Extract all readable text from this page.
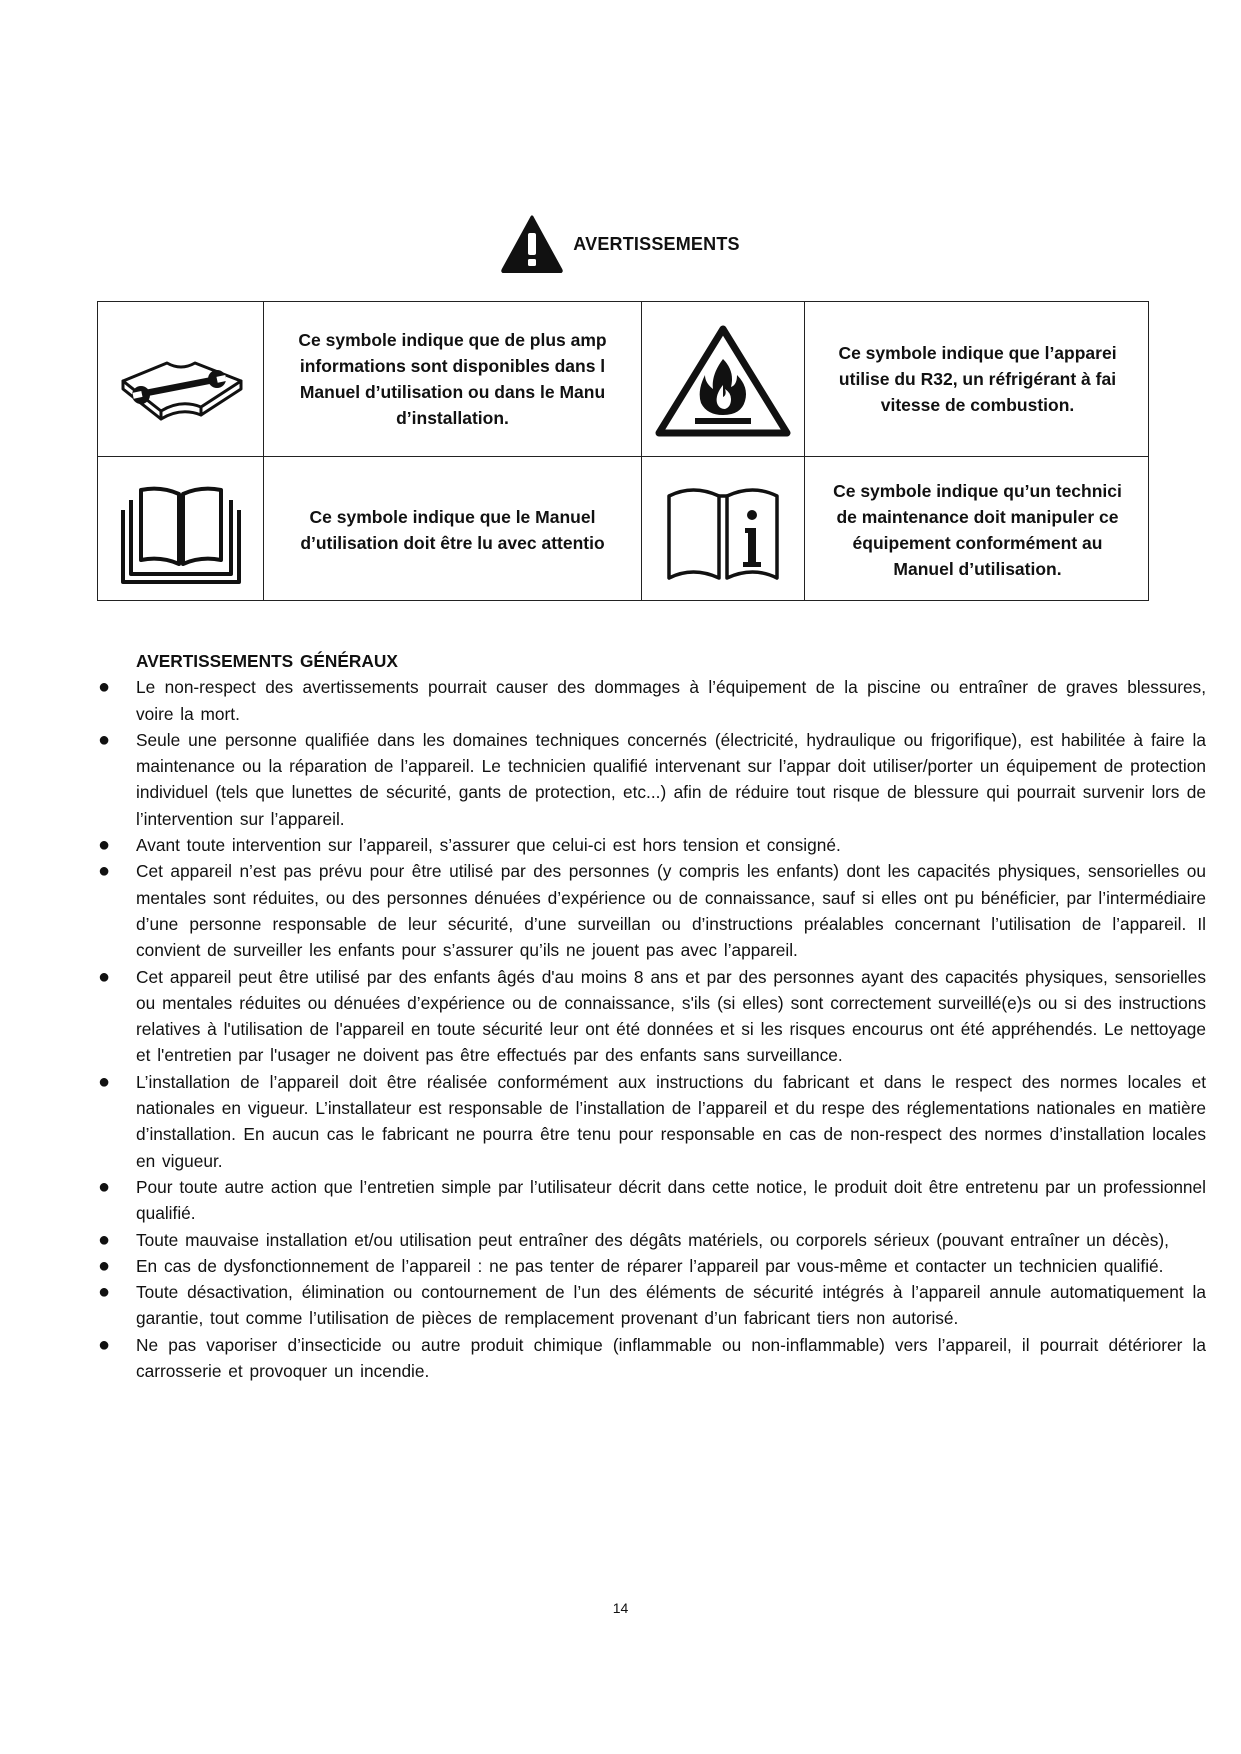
AVERTISSEMENTS
Ce symbole indique que de plus amp
informations sont disponibles dans l
Manuel d’utilisation ou dans le Manu
d’installation.
Ce symbole indique que l’apparei
utilise du R32, un réfrigérant à fai
vitesse de combustion.
Ce symbole indique que le Manuel
d’utilisation doit être lu avec attentio
Ce symbole indique qu’un technici
de maintenance doit manipuler ce
équipement conformément au
Manuel d’utilisation.
AVERTISSEMENTS GÉNÉRAUX
● Le non-respect des avertissements pourrait causer des dommages à l’équipement de la piscine ou entraîner de graves blessures, voire la mort.
● Seule une personne qualifiée dans les domaines techniques concernés (électricité, hydraulique ou frigorifique), est habilitée à faire la maintenance ou la réparation de l’appareil. Le technicien qualifié intervenant sur l’appar doit utiliser/porter un équipement de protection individuel (tels que lunettes de sécurité, gants de protection, etc...) afin de réduire tout risque de blessure qui pourrait survenir lors de l’intervention sur l’appareil.
● Avant toute intervention sur l’appareil, s’assurer que celui-ci est hors tension et consigné.
● Cet appareil n’est pas prévu pour être utilisé par des personnes (y compris les enfants) dont les capacités physiques, sensorielles ou mentales sont réduites, ou des personnes dénuées d’expérience ou de connaissance, sauf si elles ont pu bénéficier, par l’intermédiaire d’une personne responsable de leur sécurité, d’une surveillan ou d’instructions préalables concernant l’utilisation de l’appareil. Il convient de surveiller les enfants pour s’assurer qu’ils ne jouent pas avec l’appareil.
● Cet appareil peut être utilisé par des enfants âgés d'au moins 8 ans et par des personnes ayant des capacités physiques, sensorielles ou mentales réduites ou dénuées d’expérience ou de connaissance, s'ils (si elles) sont correctement surveillé(e)s ou si des instructions relatives à l'utilisation de l'appareil en toute sécurité leur ont été données et si les risques encourus ont été appréhendés. Le nettoyage et l'entretien par l'usager ne doivent pas être effectués par des enfants sans surveillance.
● L’installation de l’appareil doit être réalisée conformément aux instructions du fabricant et dans le respect des normes locales et nationales en vigueur. L’installateur est responsable de l’installation de l’appareil et du respe des réglementations nationales en matière d’installation. En aucun cas le fabricant ne pourra être tenu pour responsable en cas de non-respect des normes d’installation locales en vigueur.
● Pour toute autre action que l’entretien simple par l’utilisateur décrit dans cette notice, le produit doit être entretenu par un professionnel qualifié.
● Toute mauvaise installation et/ou utilisation peut entraîner des dégâts matériels, ou corporels sérieux (pouvant entraîner un décès),
● En cas de dysfonctionnement de l’appareil : ne pas tenter de réparer l’appareil par vous-même et contacter un technicien qualifié.
● Toute désactivation, élimination ou contournement de l’un des éléments de sécurité intégrés à l’appareil annule automatiquement la garantie, tout comme l’utilisation de pièces de remplacement provenant d’un fabricant tiers non autorisé.
● Ne pas vaporiser d’insecticide ou autre produit chimique (inflammable ou non-inflammable) vers l’appareil, il pourrait détériorer la carrosserie et provoquer un incendie.
14
